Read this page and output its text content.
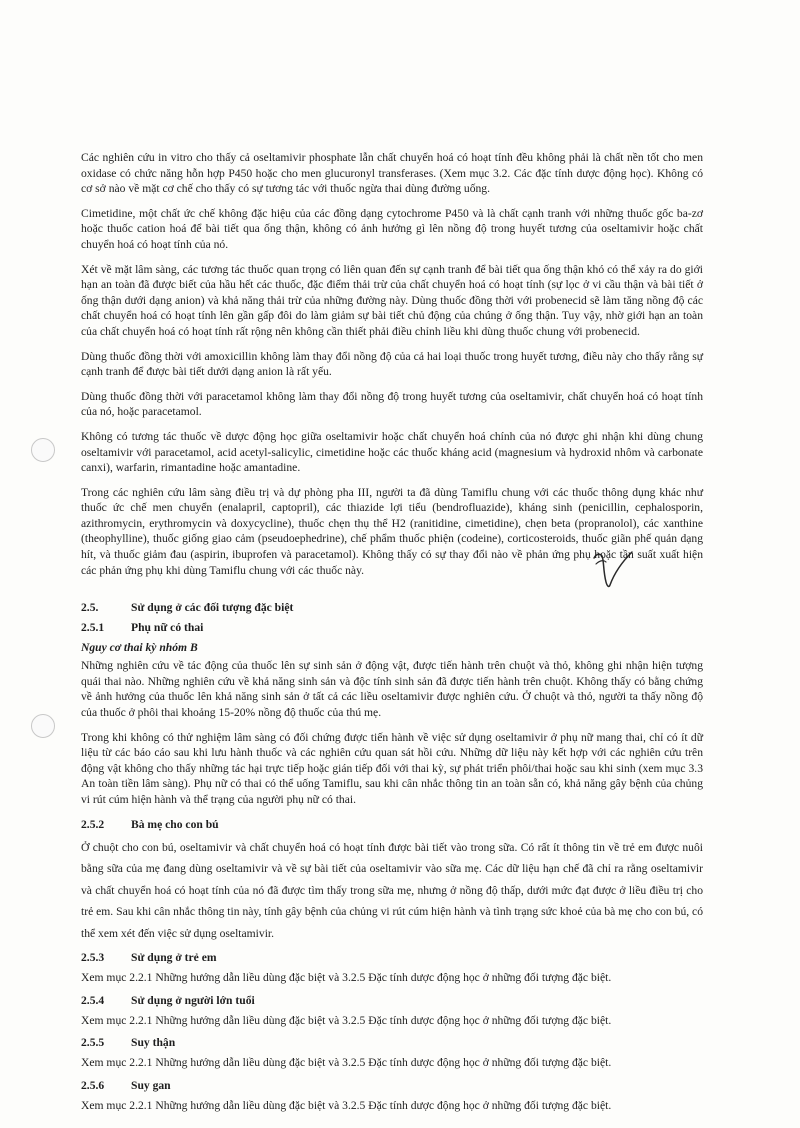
Các nghiên cứu in vitro cho thấy cả oseltamivir phosphate lẫn chất chuyển hoá có hoạt tính đều không phải là chất nền tốt cho men oxidase có chức năng hỗn hợp P450 hoặc cho men glucuronyl transferases. (Xem mục 3.2. Các đặc tính dược động học). Không có cơ sở nào về mặt cơ chế cho thấy có sự tương tác với thuốc ngừa thai dùng đường uống.

Cimetidine, một chất ức chế không đặc hiệu của các đồng dạng cytochrome P450 và là chất cạnh tranh với những thuốc gốc ba-zơ hoặc thuốc cation hoá để bài tiết qua ống thận, không có ảnh hưởng gì lên nồng độ trong huyết tương của oseltamivir hoặc chất chuyển hoá có hoạt tính của nó.

Xét về mặt lâm sàng, các tương tác thuốc quan trọng có liên quan đến sự cạnh tranh để bài tiết qua ống thận khó có thể xảy ra do giới hạn an toàn đã được biết của hầu hết các thuốc, đặc điểm thải trừ của chất chuyển hoá có hoạt tính (sự lọc ở vi cầu thận và bài tiết ở ống thận dưới dạng anion) và khả năng thải trừ của những đường này. Dùng thuốc đồng thời với probenecid sẽ làm tăng nồng độ các chất chuyển hoá có hoạt tính lên gần gấp đôi do làm giảm sự bài tiết chủ động của chúng ở ống thận. Tuy vậy, nhờ giới hạn an toàn của chất chuyển hoá có hoạt tính rất rộng nên không cần thiết phải điều chỉnh liều khi dùng thuốc chung với probenecid.

Dùng thuốc đồng thời với amoxicillin không làm thay đổi nồng độ của cả hai loại thuốc trong huyết tương, điều này cho thấy rằng sự cạnh tranh để được bài tiết dưới dạng anion là rất yếu.

Dùng thuốc đồng thời với paracetamol không làm thay đổi nồng độ trong huyết tương của oseltamivir, chất chuyển hoá có hoạt tính của nó, hoặc paracetamol.

Không có tương tác thuốc về dược động học giữa oseltamivir hoặc chất chuyển hoá chính của nó được ghi nhận khi dùng chung oseltamivir với paracetamol, acid acetyl-salicylic, cimetidine hoặc các thuốc kháng acid (magnesium và hydroxid nhôm và carbonate canxi), warfarin, rimantadine hoặc amantadine.

Trong các nghiên cứu lâm sàng điều trị và dự phòng pha III, người ta đã dùng Tamiflu chung với các thuốc thông dụng khác như thuốc ức chế men chuyển (enalapril, captopril), các thiazide lợi tiểu (bendrofluazide), kháng sinh (penicillin, cephalosporin, azithromycin, erythromycin và doxycycline), thuốc chẹn thụ thể H2 (ranitidine, cimetidine), chẹn beta (propranolol), các xanthine (theophylline), thuốc giống giao cảm (pseudoephedrine), chế phẩm thuốc phiện (codeine), corticosteroids, thuốc giãn phế quản dạng hít, và thuốc giảm đau (aspirin, ibuprofen và paracetamol). Không thấy có sự thay đổi nào về phản ứng phụ hoặc tần suất xuất hiện các phản ứng phụ khi dùng Tamiflu chung với các thuốc này.

2.5.	Sử dụng ở các đối tượng đặc biệt
2.5.1	Phụ nữ có thai
Nguy cơ thai kỳ nhóm B

Những nghiên cứu về tác động của thuốc lên sự sinh sản ở động vật, được tiến hành trên chuột và thỏ, không ghi nhận hiện tượng quái thai nào. Những nghiên cứu về khả năng sinh sản và độc tính sinh sản đã được tiến hành trên chuột. Không thấy có bằng chứng về ảnh hưởng của thuốc lên khả năng sinh sản ở tất cả các liều oseltamivir được nghiên cứu. Ở chuột và thỏ, người ta thấy nồng độ của thuốc ở phôi thai khoảng 15-20% nồng độ thuốc của thú mẹ.

Trong khi không có thử nghiệm lâm sàng có đối chứng được tiến hành về việc sử dụng oseltamivir ở phụ nữ mang thai, chỉ có ít dữ liệu từ các báo cáo sau khi lưu hành thuốc và các nghiên cứu quan sát hồi cứu. Những dữ liệu này kết hợp với các nghiên cứu trên động vật không cho thấy những tác hại trực tiếp hoặc gián tiếp đối với thai kỳ, sự phát triển phôi/thai hoặc sau khi sinh (xem mục 3.3 An toàn tiền lâm sàng). Phụ nữ có thai có thể uống Tamiflu, sau khi cân nhắc thông tin an toàn sẵn có, khả năng gây bệnh của chủng vi rút cúm hiện hành và thể trạng của người phụ nữ có thai.

2.5.2	Bà mẹ cho con bú

Ở chuột cho con bú, oseltamivir và chất chuyển hoá có hoạt tính được bài tiết vào trong sữa. Có rất ít thông tin về trẻ em được nuôi bằng sữa của mẹ đang dùng oseltamivir và về sự bài tiết của oseltamivir vào sữa mẹ. Các dữ liệu hạn chế đã chỉ ra rằng oseltamivir và chất chuyển hoá có hoạt tính của nó đã được tìm thấy trong sữa mẹ, nhưng ở nồng độ thấp, dưới mức đạt được ở liều điều trị cho trẻ em. Sau khi cân nhắc thông tin này, tính gây bệnh của chủng vi rút cúm hiện hành và tình trạng sức khoẻ của bà mẹ cho con bú, có thể xem xét đến việc sử dụng oseltamivir.

2.5.3	Sử dụng ở trẻ em

Xem mục 2.2.1 Những hướng dẫn liều dùng đặc biệt và 3.2.5 Đặc tính dược động học ở những đối tượng đặc biệt.

2.5.4	Sử dụng ở người lớn tuổi

Xem mục 2.2.1 Những hướng dẫn liều dùng đặc biệt và 3.2.5 Đặc tính dược động học ở những đối tượng đặc biệt.

2.5.5	Suy thận

Xem mục 2.2.1 Những hướng dẫn liều dùng đặc biệt và 3.2.5 Đặc tính dược động học ở những đối tượng đặc biệt.

2.5.6	Suy gan

Xem mục 2.2.1 Những hướng dẫn liều dùng đặc biệt và 3.2.5 Đặc tính dược động học ở những đối tượng đặc biệt.
